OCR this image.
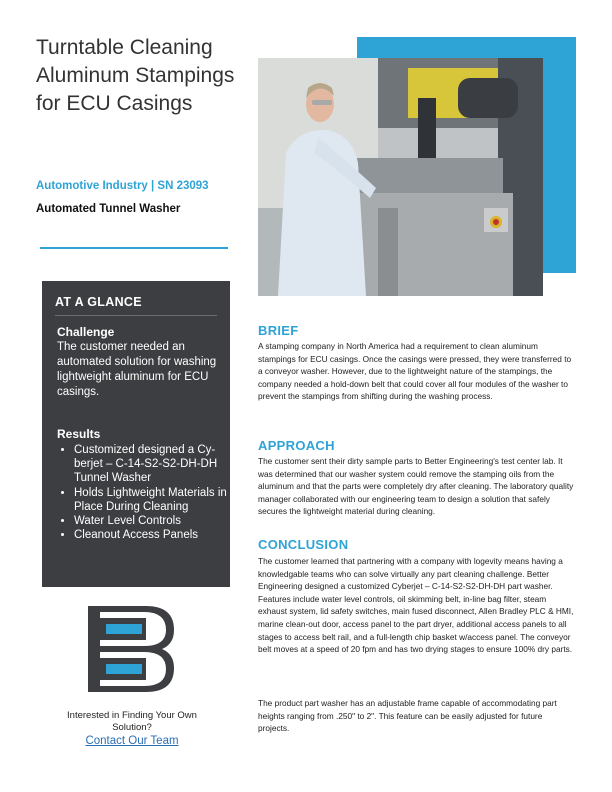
Turntable Cleaning Aluminum Stampings for ECU Casings
Automotive Industry | SN 23093
Automated Tunnel Washer
AT A GLANCE
Challenge
The customer needed an automated solution for washing lightweight aluminum for ECU casings.
Results
• Customized designed a Cy-berjet – C-14-S2-S2-DH-DH Tunnel Washer
• Holds Lightweight Materials in Place During Cleaning
• Water Level Controls
• Cleanout Access Panels
Interested in Finding Your Own Solution?
Contact Our Team
BRIEF

A stamping company in North America had a requirement to clean aluminum stampings for ECU casings. Once the casings were pressed, they were transferred to a conveyor washer. However, due to the lightweight nature of the stampings, the company needed a hold-down belt that could cover all four modules of the washer to prevent the stampings from shifting during the washing process.

APPROACH

The customer sent their dirty sample parts to Better Engineering's test center lab. It was determined that our washer system could remove the stamping oils from the aluminum and that the parts were completely dry after cleaning. The laboratory quality manager collaborated with our engineering team to design a solution that safely secures the lightweight material during cleaning.

CONCLUSION

The customer learned that partnering with a company with logevity means having a knowledgable teams who can solve virtually any part cleaning challenge. Better Engineering designed a customized Cyberjet – C-14-S2-S2-DH-DH part washer. Features include water level controls, oil skimming belt, in-line bag filter, steam exhaust system, lid safety switches, main fused disconnect, Allen Bradley PLC & HMI, marine clean-out door, access panel to the part dryer, additional access panels to all stages to access belt rail, and a full-length chip basket w/access panel. The conveyor belt moves at a speed of 20 fpm and has two drying stages to ensure 100% dry parts.

The product part washer has an adjustable frame capable of accommodating part heights ranging from .250" to 2". This feature can be easily adjusted for future projects.
